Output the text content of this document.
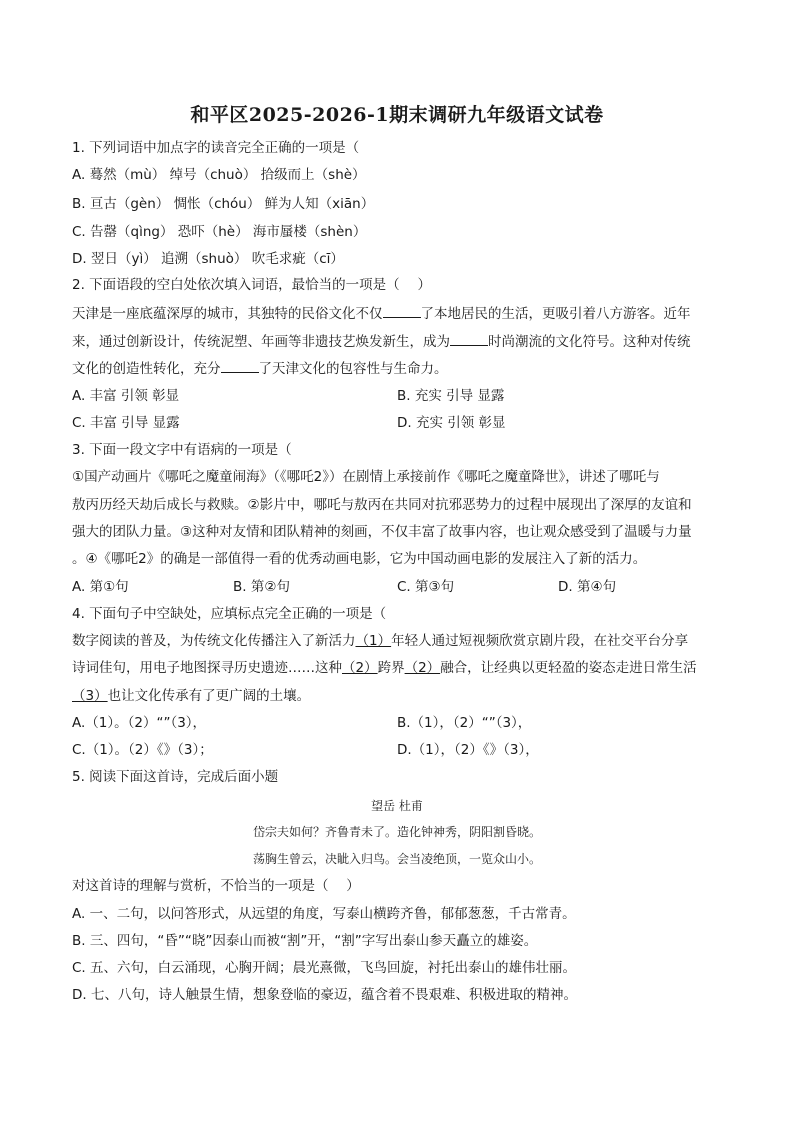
和平区2025-2026-1期末调研九年级语文试卷
1. 下列词语中加点字的读音完全正确的一项是（
A. 蓦然（mù） 绰号（chuò） 拾级而上（shè）
B. 亘古（gèn） 惆怅（chóu） 鲜为人知（xiān）
C. 告罄（qìng） 恐吓（hè） 海市蜃楼（shèn）
D. 翌日（yì） 追溯（shuò） 吹毛求疵（cī）
2. 下面语段的空白处依次填入词语，最恰当的一项是（　 ）
天津是一座底蕴深厚的城市，其独特的民俗文化不仅	了本地居民的生活，更吸引着八方游客。近年
来，通过创新设计，传统泥塑、年画等非遗技艺焕发新生，成为	时尚潮流的文化符号。这种对传统
文化的创造性转化，充分	了天津文化的包容性与生命力。
A. 丰富 引领 彰显	B. 充实 引导 显露
C. 丰富 引导 显露	D. 充实 引领 彰显
3. 下面一段文字中有语病的一项是（
①国产动画片《哪吒之魔童闹海》（《哪吒2》）在剧情上承接前作《哪吒之魔童降世》，讲述了哪吒与
敖丙历经天劫后成长与救赎。②影片中，哪吒与敖丙在共同对抗邪恶势力的过程中展现出了深厚的友谊和
强大的团队力量。③这种对友情和团队精神的刻画，不仅丰富了故事内容，也让观众感受到了温暖与力量
。④《哪吒2》的确是一部值得一看的优秀动画电影，它为中国动画电影的发展注入了新的活力。
A. 第①句	B. 第②句	C. 第③句	D. 第④句
4. 下面句子中空缺处，应填标点完全正确的一项是（
数字阅读的普及，为传统文化传播注入了新活力（1）年轻人通过短视频欣赏京剧片段，在社交平台分享
诗词佳句，用电子地图探寻历史遗迹……这种（2）跨界（2）融合，让经典以更轻盈的姿态走进日常生活
（3）也让文化传承有了更广阔的土壤。
A.（1）。（2）“”（3），	B.（1），（2）“”（3），
C.（1）。（2）《》（3）；	D.（1），（2）《》（3），
5. 阅读下面这首诗，完成后面小题
望岳 杜甫
岱宗夫如何？齐鲁青未了。造化钟神秀，阴阳割昏晓。
荡胸生曾云，决眦入归鸟。会当凌绝顶，一览众山小。
对这首诗的理解与赏析，不恰当的一项是（　 ）
A. 一、二句，以问答形式，从远望的角度，写泰山横跨齐鲁，郁郁葱葱，千古常青。
B. 三、四句，“昏”“晓”因泰山而被“割”开，“割”字写出泰山参天矗立的雄姿。
C. 五、六句，白云涌现，心胸开阔；晨光熹微，飞鸟回旋，衬托出泰山的雄伟壮丽。
D. 七、八句，诗人触景生情，想象登临的豪迈，蕴含着不畏艰难、积极进取的精神。
